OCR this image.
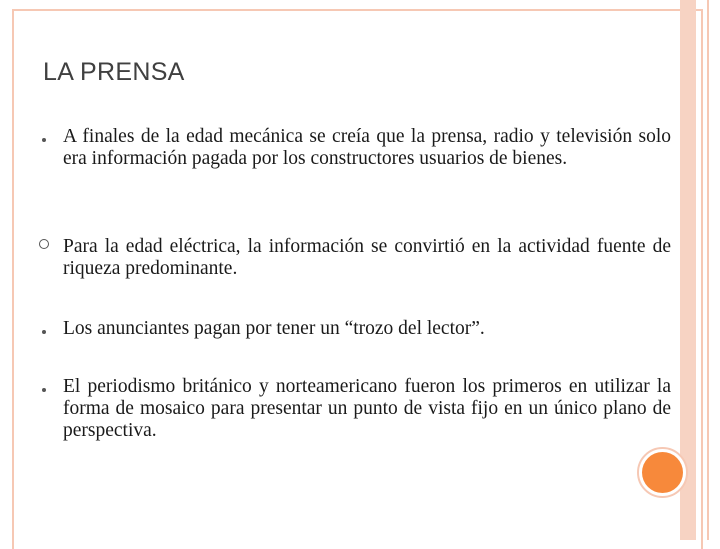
LA PRENSA
A finales de la edad mecánica se creía que la prensa, radio y televisión solo era información pagada por los constructores usuarios de bienes.
Para la edad eléctrica, la información se convirtió en la actividad fuente de riqueza predominante.
Los anunciantes pagan por tener un “trozo del lector”.
El periodismo británico y norteamericano fueron los primeros en utilizar la forma de mosaico para presentar un punto de vista fijo en un único plano de perspectiva.
